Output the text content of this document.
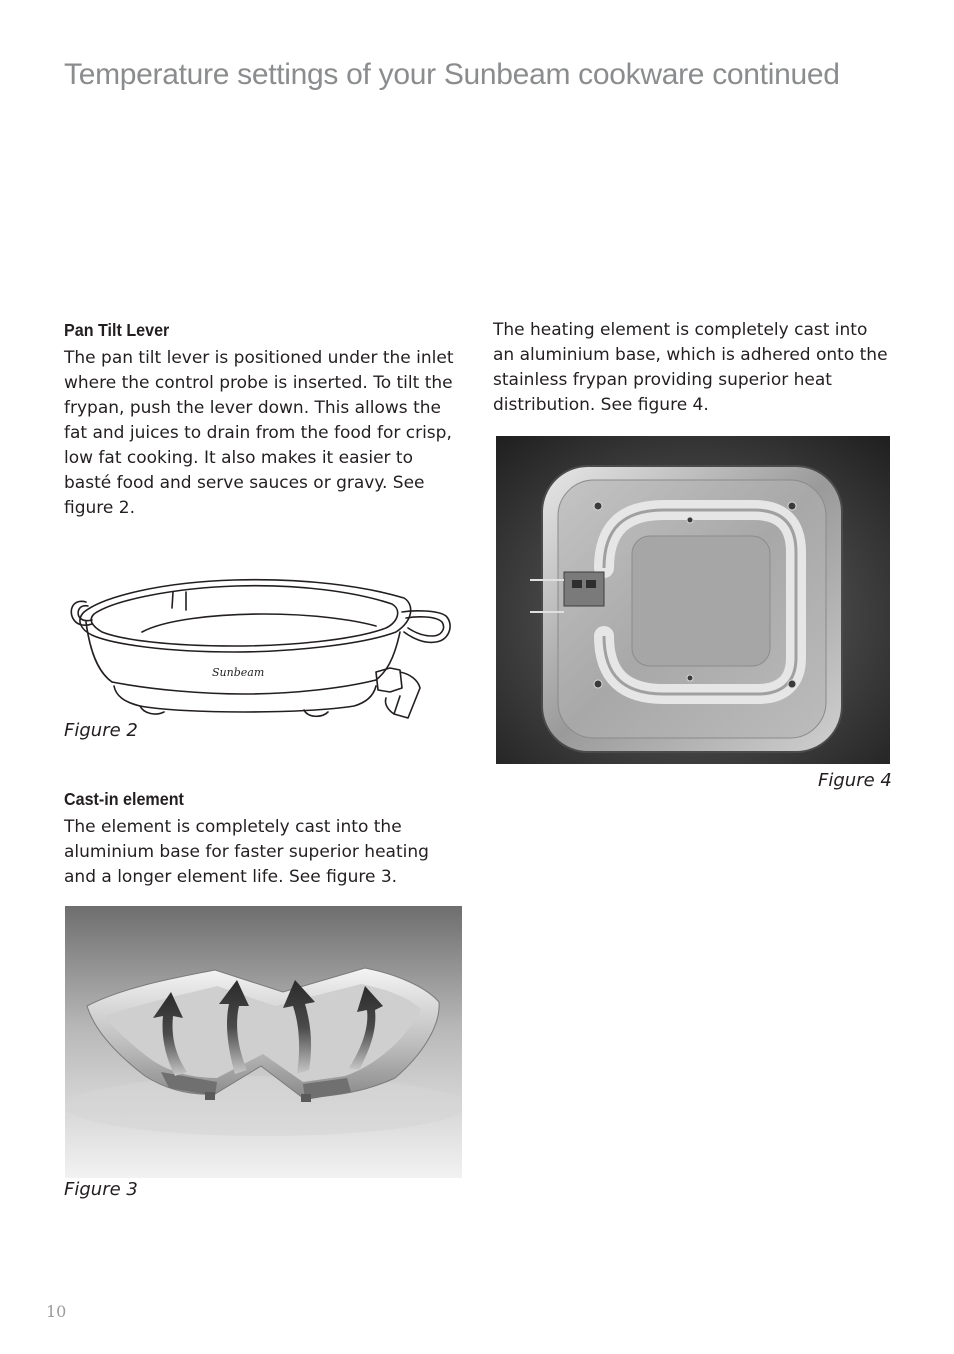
Temperature settings of your Sunbeam cookware continued
Pan Tilt Lever

The pan tilt lever is positioned under the inlet where the control probe is inserted. To tilt the frypan, push the lever down. This allows the fat and juices to drain from the food for crisp, low fat cooking. It also makes it easier to basté food and serve sauces or gravy. See figure 2.

Sunbeam

Figure 2

Cast-in element

The element is completely cast into the aluminium base for faster superior heating and a longer element life. See figure 3.

Figure 3

The heating element is completely cast into an aluminium base, which is adhered onto the stainless frypan providing superior heat distribution. See figure 4.

Figure 4

10
